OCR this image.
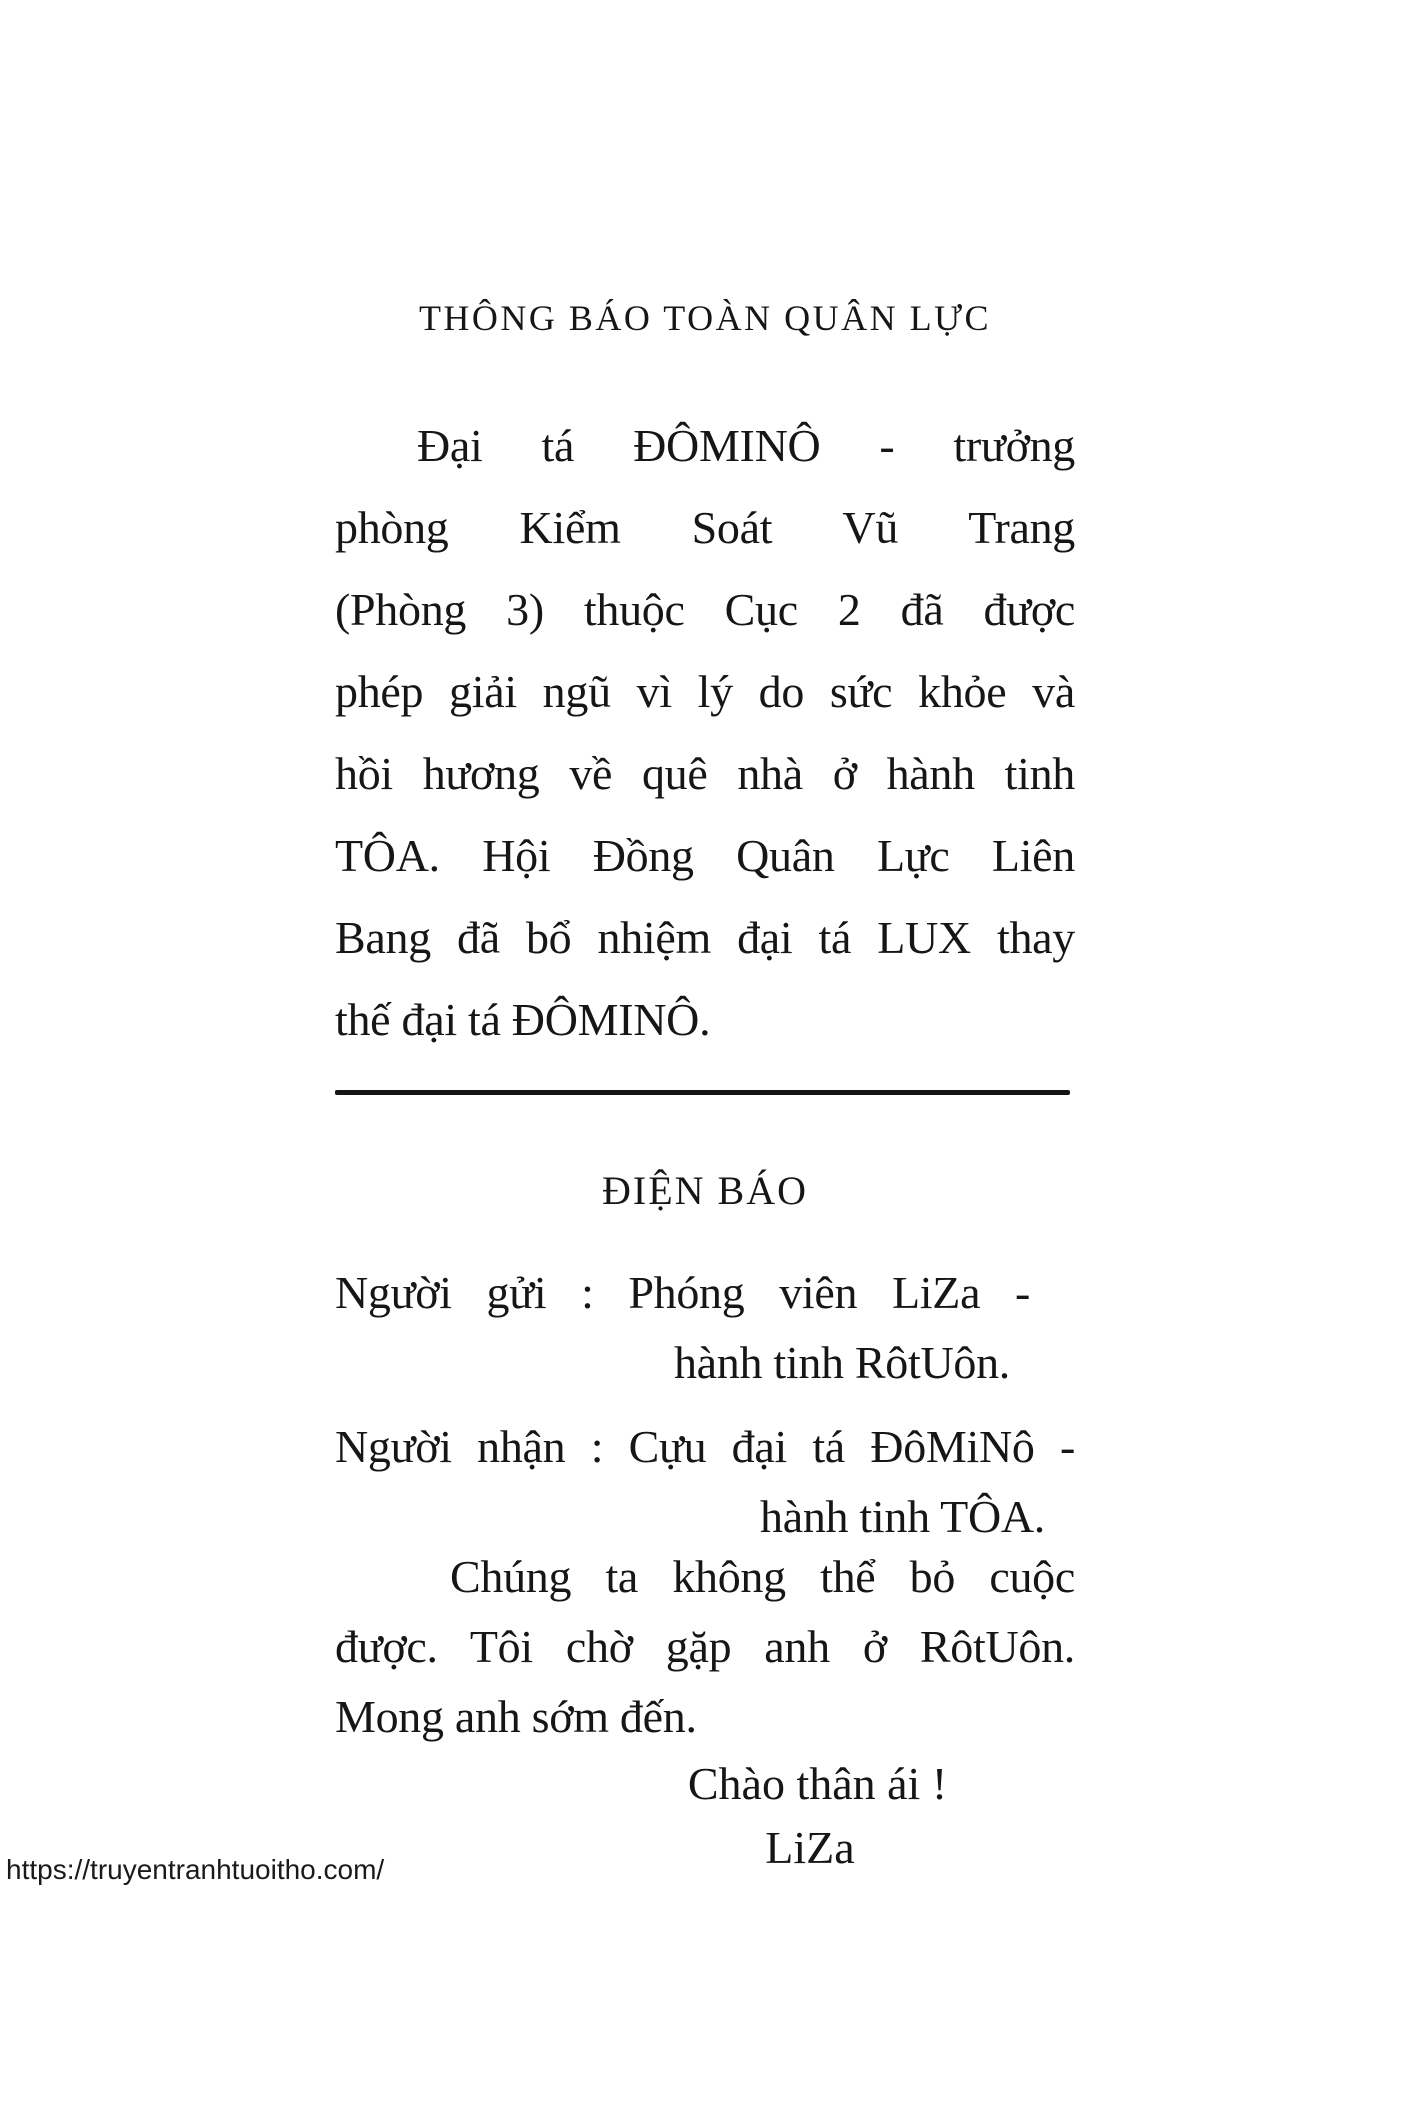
THÔNG BÁO TOÀN QUÂN LỰC
Đại tá ĐÔMINÔ - trưởng
phòng Kiểm Soát Vũ Trang
(Phòng 3) thuộc Cục 2 đã được
phép giải ngũ vì lý do sức khỏe và
hồi hương về quê nhà ở hành tinh
TÔA. Hội Đồng Quân Lực Liên
Bang đã bổ nhiệm đại tá LUX thay
thế đại tá ĐÔMINÔ.
ĐIỆN BÁO
Người gửi : Phóng viên LiZa -
hành tinh RôtUôn.
Người nhận : Cựu đại tá ĐôMiNô -
hành tinh TÔA.
Chúng ta không thể bỏ cuộc
được. Tôi chờ gặp anh ở RôtUôn.
Mong anh sớm đến.
Chào thân ái !
LiZa
https://truyentranhtuoitho.com/
